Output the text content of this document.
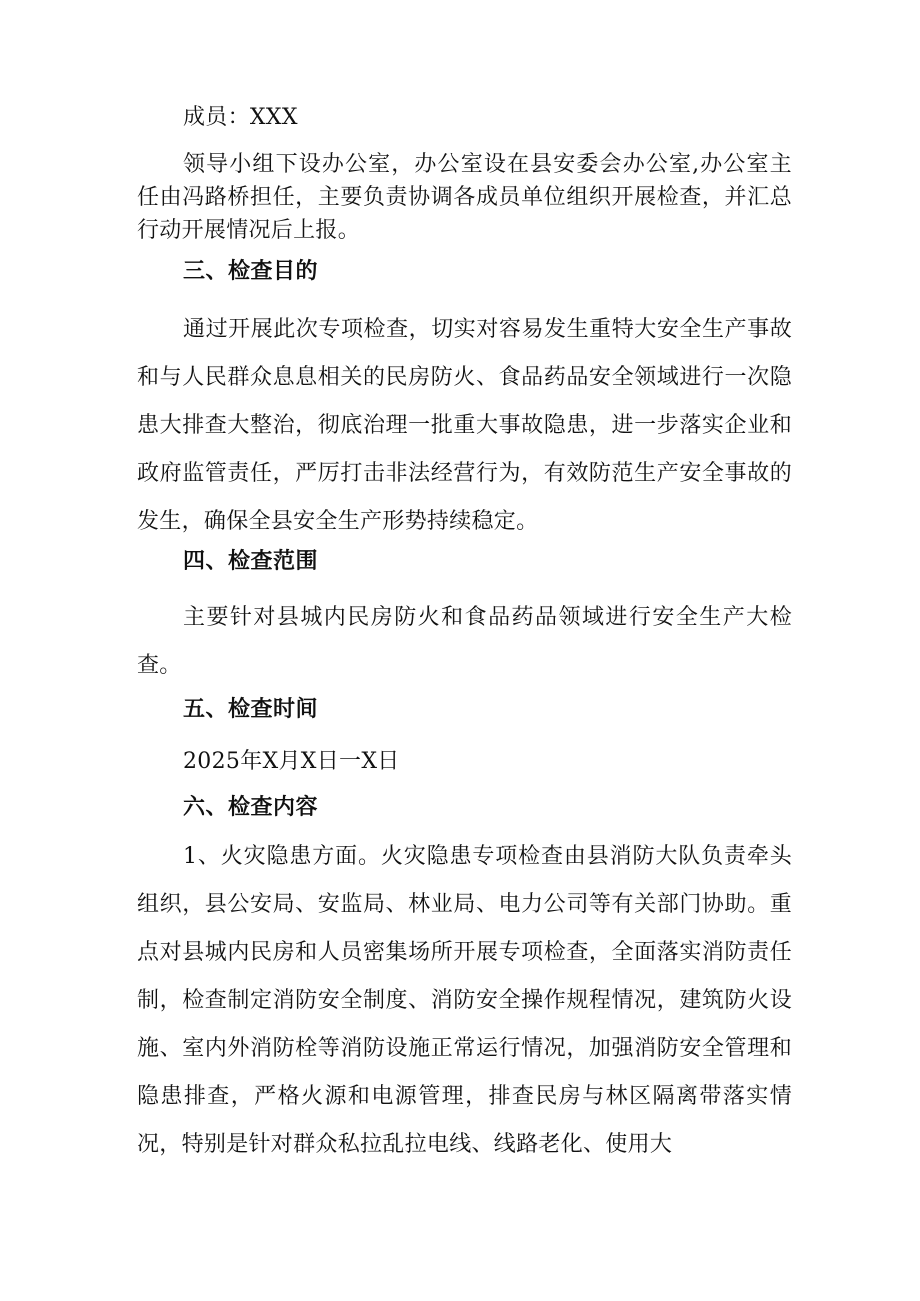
成员：XXX

领导小组下设办公室，办公室设在县安委会办公室,办公室主任由冯路桥担任，主要负责协调各成员单位组织开展检查，并汇总行动开展情况后上报。

三、检查目的

通过开展此次专项检查，切实对容易发生重特大安全生产事故和与人民群众息息相关的民房防火、食品药品安全领域进行一次隐患大排查大整治，彻底治理一批重大事故隐患，进一步落实企业和政府监管责任，严厉打击非法经营行为，有效防范生产安全事故的发生，确保全县安全生产形势持续稳定。

四、检查范围

主要针对县城内民房防火和食品药品领域进行安全生产大检查。

五、检查时间

2025年X月X日一X日

六、检查内容

1、火灾隐患方面。火灾隐患专项检查由县消防大队负责牵头组织，县公安局、安监局、林业局、电力公司等有关部门协助。重点对县城内民房和人员密集场所开展专项检查，全面落实消防责任制，检查制定消防安全制度、消防安全操作规程情况，建筑防火设施、室内外消防栓等消防设施正常运行情况，加强消防安全管理和隐患排查，严格火源和电源管理，排查民房与林区隔离带落实情况，特别是针对群众私拉乱拉电线、线路老化、使用大
